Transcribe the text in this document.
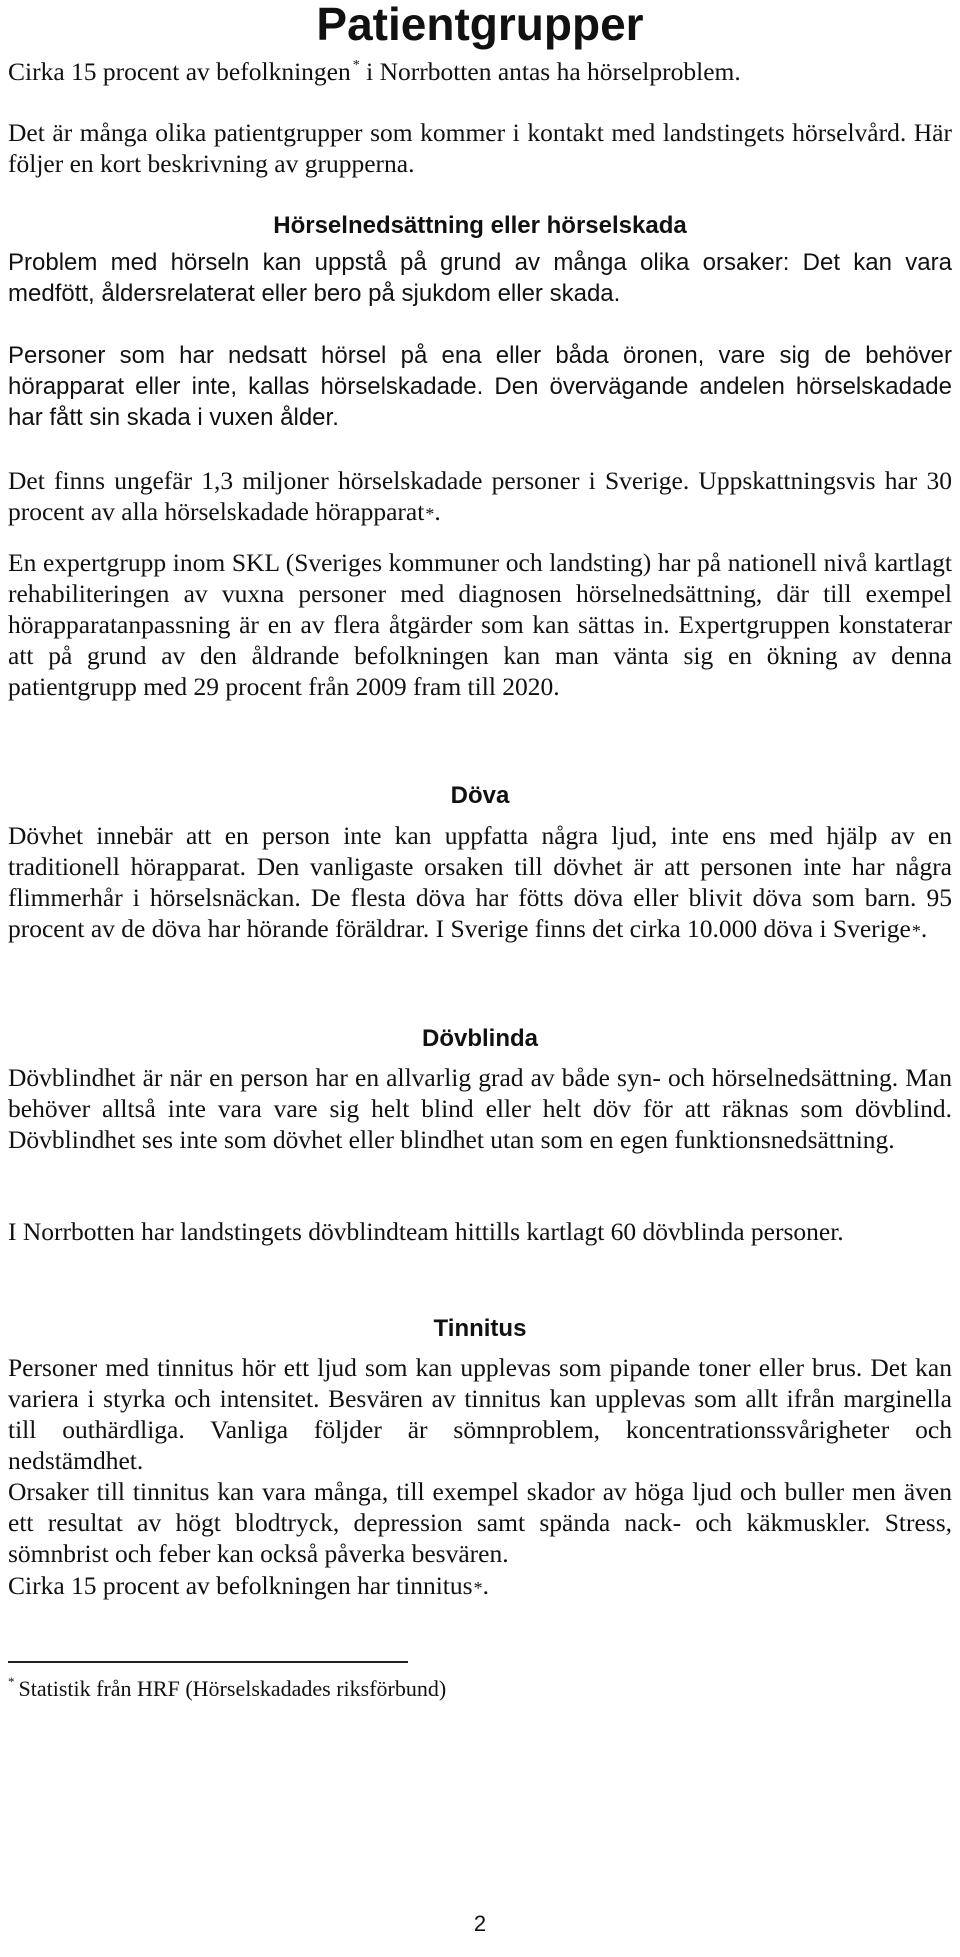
Patientgrupper
Cirka 15 procent av befolkningen * i Norrbotten antas ha hörselproblem.
Det är många olika patientgrupper som kommer i kontakt med landstingets hörselvård. Här följer en kort beskrivning av grupperna.
Hörselnedsättning eller hörselskada
Problem med hörseln kan uppstå på grund av många olika orsaker: Det kan vara medfött, åldersrelaterat eller bero på sjukdom eller skada.
Personer som har nedsatt hörsel på ena eller båda öronen, vare sig de behöver hörapparat eller inte, kallas hörselskadade. Den övervägande andelen hörselskadade har fått sin skada i vuxen ålder.
Det finns ungefär 1,3 miljoner hörselskadade personer i Sverige. Uppskattningsvis har 30 procent av alla hörselskadade hörapparat*.
En expertgrupp inom SKL (Sveriges kommuner och landsting) har på nationell nivå kartlagt rehabiliteringen av vuxna personer med diagnosen hörselnedsättning, där till exempel hörapparatanpassning är en av flera åtgärder som kan sättas in. Expertgruppen konstaterar att på grund av den åldrande befolkningen kan man vänta sig en ökning av denna patientgrupp med 29 procent från 2009 fram till 2020.
Döva
Dövhet innebär att en person inte kan uppfatta några ljud, inte ens med hjälp av en traditionell hörapparat. Den vanligaste orsaken till dövhet är att personen inte har några flimmerhår i hörselsnäckan. De flesta döva har fötts döva eller blivit döva som barn. 95 procent av de döva har hörande föräldrar. I Sverige finns det cirka 10.000 döva i Sverige*.
Dövblinda
Dövblindhet är när en person har en allvarlig grad av både syn- och hörselnedsättning. Man behöver alltså inte vara vare sig helt blind eller helt döv för att räknas som dövblind. Dövblindhet ses inte som dövhet eller blindhet utan som en egen funktionsnedsättning.
I Norrbotten har landstingets dövblindteam hittills kartlagt 60 dövblinda personer.
Tinnitus
Personer med tinnitus hör ett ljud som kan upplevas som pipande toner eller brus. Det kan variera i styrka och intensitet. Besvären av tinnitus kan upplevas som allt ifrån marginella till outhärdliga. Vanliga följder är sömnproblem, koncentrationssvårigheter och nedstämdhet.
Orsaker till tinnitus kan vara många, till exempel skador av höga ljud och buller men även ett resultat av högt blodtryck, depression samt spända nack- och käkmuskler. Stress, sömnbrist och feber kan också påverka besvären.
Cirka 15 procent av befolkningen har tinnitus*.
* Statistik från HRF (Hörselskadades riksförbund)
2
